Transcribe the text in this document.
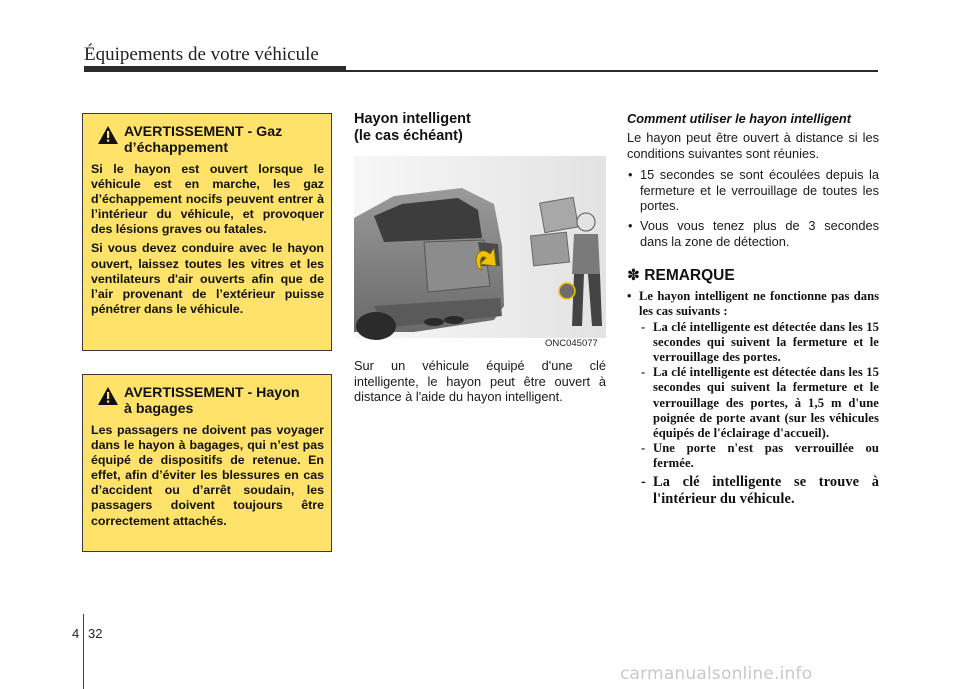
Équipements de votre véhicule
AVERTISSEMENT - Gaz
d’échappement

Si le hayon est ouvert lorsque le véhicule est en marche, les gaz d’échappement nocifs peuvent entrer à l’intérieur du véhicule, et provoquer des lésions graves ou fatales.

Si vous devez conduire avec le hayon ouvert, laissez toutes les vitres et les ventilateurs d'air ouverts afin que de l’air provenant de l’extérieur puisse pénétrer dans le véhicule.

AVERTISSEMENT - Hayon
à bagages

Les passagers ne doivent pas voyager dans le hayon à bagages, qui n’est pas équipé de dispositifs de retenue. En effet, afin d’éviter les blessures en cas d’accident ou d’arrêt soudain, les passagers doivent toujours être correctement attachés.

Hayon intelligent
(le cas échéant)
ONC045077

Sur un véhicule équipé d'une clé intelligente, le hayon peut être ouvert à distance à l'aide du hayon intelligent.

Comment utiliser le hayon intelligent

Le hayon peut être ouvert à distance si les conditions suivantes sont réunies.

• 15 secondes se sont écoulées depuis la fermeture et le verrouillage de toutes les portes.
• Vous vous tenez plus de 3 secondes dans la zone de détection.
✽ REMARQUE
• Le hayon intelligent ne fonctionne pas dans les cas suivants :
- La clé intelligente est détectée dans les 15 secondes qui suivent la fermeture et le verrouillage des portes.
- La clé intelligente est détectée dans les 15 secondes qui suivent la fermeture et le verrouillage des portes, à 1,5 m d'une poignée de porte avant (sur les véhicules équipés de l'éclairage d'accueil).
- Une porte n'est pas verrouillée ou fermée.
- La clé intelligente se trouve à l'intérieur du véhicule.
4 32
carmanualsonline.info
